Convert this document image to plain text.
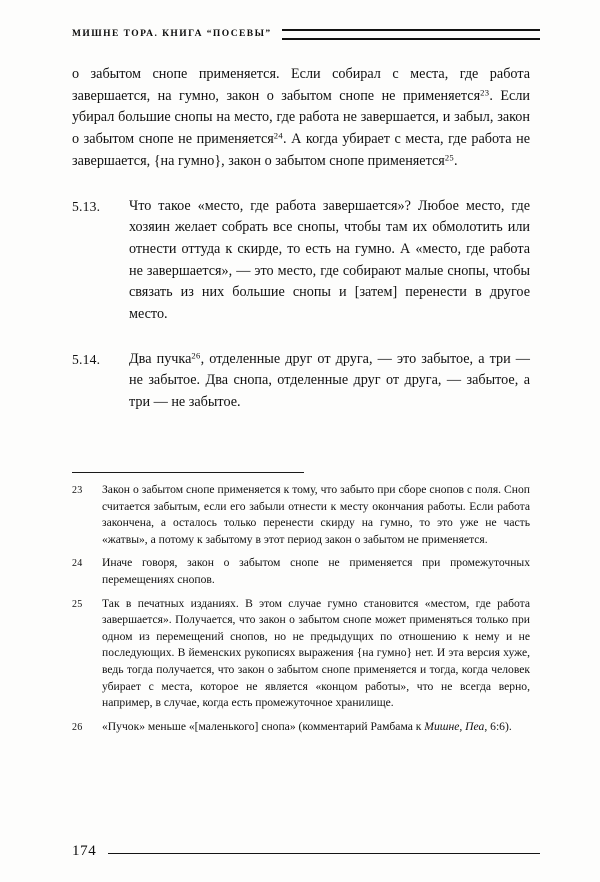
МИШНЕ ТОРА. КНИГА “ПОСЕВЫ”

о забытом снопе применяется. Если собирал с места, где работа завершается, на гумно, закон о забытом снопе не применяется$^{23}$. Если убирал большие снопы на место, где работа не завершается, и забыл, закон о забытом снопе не применяется$^{24}$. А когда убирает с места, где работа не завершается, {на гумно}, закон о забытом снопе применяется$^{25}$.

5.13.	Что такое «место, где работа завершается»? Любое место, где хозяин желает собрать все снопы, чтобы там их обмолотить или отнести оттуда к скирде, то есть на гумно. А «место, где работа не завершается», — это место, где собирают малые снопы, чтобы связать из них большие снопы и [затем] перенести в другое место.

5.14.	Два пучка$^{26}$, отделенные друг от друга, — это забытое, а три — не забытое. Два снопа, отделенные друг от друга, — забытое, а три — не забытое.

23	Закон о забытом снопе применяется к тому, что забыто при сборе снопов с поля. Сноп считается забытым, если его забыли отнести к месту окончания работы. Если работа закончена, а осталось только перенести скирду на гумно, то это уже не часть «жатвы», а потому к забытому в этот период закон о забытом не применяется.
24	Иначе говоря, закон о забытом снопе не применяется при промежуточных перемещениях снопов.
25	Так в печатных изданиях. В этом случае гумно становится «местом, где работа завершается». Получается, что закон о забытом снопе может применяться только при одном из перемещений снопов, но не предыдущих по отношению к нему и не последующих. В йеменских рукописях выражения {на гумно} нет. И эта версия хуже, ведь тогда получается, что закон о забытом снопе применяется и тогда, когда человек убирает с места, которое не является «концом работы», что не всегда верно, например, в случае, когда есть промежуточное хранилище.
26	«Пучок» меньше «[маленького] снопа» (комментарий Рамбама к Мишне, Пеа, 6:6).
174
